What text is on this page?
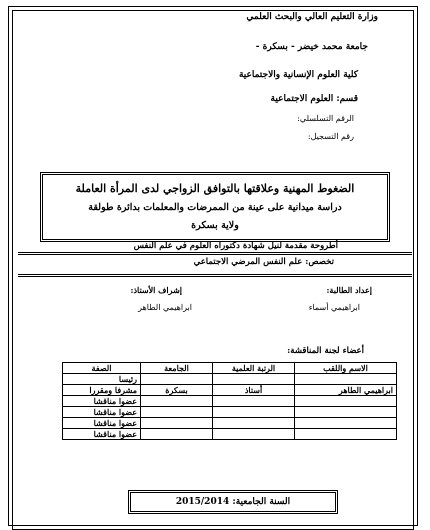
وزارة التعليم العالي والبحث العلمي
جامعة محمد خيضر - بسكرة -
كلية العلوم الإنسانية والاجتماعية
قسم: العلوم الاجتماعية
الرقم التسلسلي:
رقم التسجيل:
الضغوط المهنية وعلاقتها بالتوافق الزواجي لدى المرأة العاملة
دراسة ميدانية على عينة من الممرضات والمعلمات بدائرة طولقة
ولاية بسكرة
أطروحة مقدمة لنيل شهادة دكتوراه العلوم في علم النفس
تخصص: علم النفس المرضي الاجتماعي
إعداد الطالبة:
ابراهيمي أسماء
إشراف الأستاذ:
ابراهيمي الطاهر
أعضاء لجنة المناقشة:
الاسم واللقب	الرتبة العلمية	الجامعة	الصفة
			رئيسا
ابراهيمي الطاهر	أستاذ	بسكرة	مشرفا ومقررا
			عضوا مناقشا
			عضوا مناقشا
			عضوا مناقشا
			عضوا مناقشا
السنة الجامعية: 2015/2014
